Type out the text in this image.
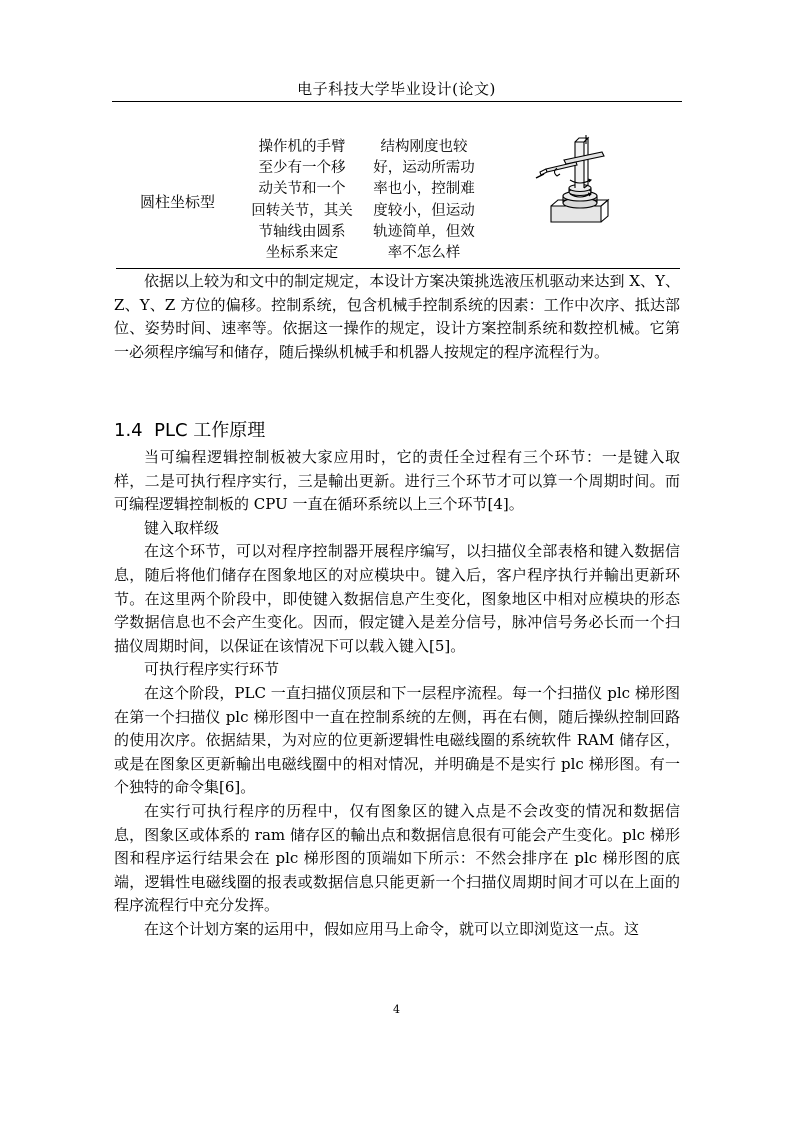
电子科技大学毕业设计(论文)
圆柱坐标型
操作机的手臂
至少有一个移
动关节和一个
回转关节，其关
节轴线由圆系
坐标系来定
结构刚度也较
好，运动所需功
率也小，控制难
度较小，但运动
轨迹简单，但效
率不怎么样

依据以上较为和文中的制定规定，本设计方案决策挑选液压机驱动来达到 X、Y、Z、Y、Z 方位的偏移。控制系统，包含机械手控制系统的因素：工作中次序、抵达部位、姿势时间、速率等。依据这一操作的规定，设计方案控制系统和数控机械。它第一必须程序编写和储存，随后操纵机械手和机器人按规定的程序流程行为。

1.4 PLC 工作原理

当可编程逻辑控制板被大家应用时，它的责任全过程有三个环节：一是键入取样，二是可执行程序实行，三是輸出更新。进行三个环节才可以算一个周期时间。而可编程逻辑控制板的 CPU 一直在循环系统以上三个环节[4]。

键入取样级

在这个环节，可以对程序控制器开展程序编写，以扫描仪全部表格和键入数据信息，随后将他们储存在图象地区的对应模块中。键入后，客户程序执行并輸出更新环节。在这里两个阶段中，即使键入数据信息产生变化，图象地区中相对应模块的形态学数据信息也不会产生变化。因而，假定键入是差分信号，脉冲信号务必长而一个扫描仪周期时间，以保证在该情况下可以载入键入[5]。

可执行程序实行环节

在这个阶段，PLC 一直扫描仪顶层和下一层程序流程。每一个扫描仪 plc 梯形图在第一个扫描仪 plc 梯形图中一直在控制系统的左侧，再在右侧，随后操纵控制回路的使用次序。依据結果，为对应的位更新逻辑性电磁线圈的系统软件 RAM 储存区，或是在图象区更新輸出电磁线圈中的相对情况，并明确是不是实行 plc 梯形图。有一个独特的命令集[6]。

在实行可执行程序的历程中，仅有图象区的键入点是不会改变的情况和数据信息，图象区或体系的 ram 储存区的輸出点和数据信息很有可能会产生变化。plc 梯形图和程序运行结果会在 plc 梯形图的顶端如下所示：不然会排序在 plc 梯形图的底端，逻辑性电磁线圈的报表或数据信息只能更新一个扫描仪周期时间才可以在上面的程序流程行中充分发挥。

在这个计划方案的运用中，假如应用马上命令，就可以立即浏览这一点。这

4
